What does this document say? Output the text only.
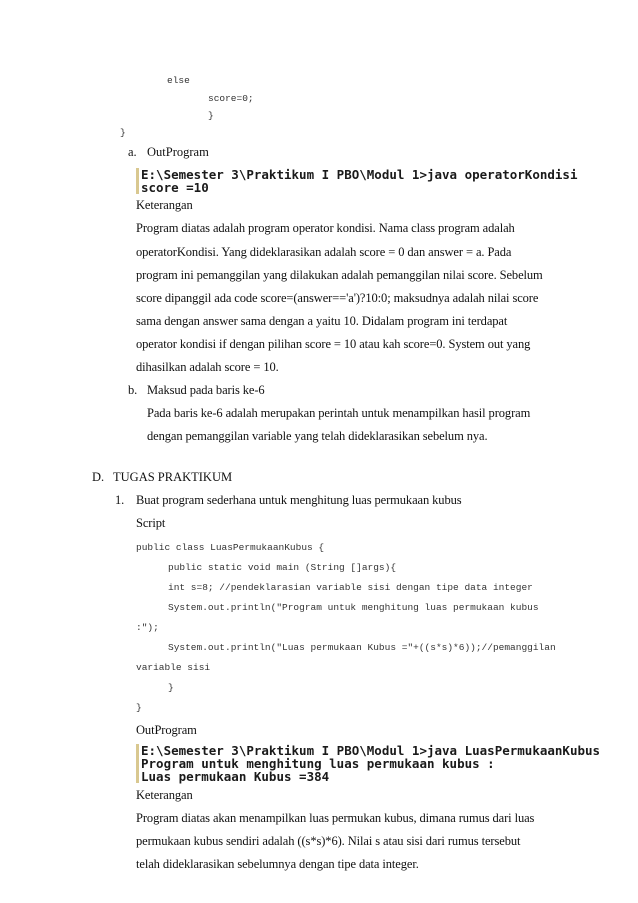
else
score=0;
}
}
a. OutProgram
E:\Semester 3\Praktikum I PBO\Modul 1>java operatorKondisi
score =10
Keterangan
Program diatas adalah program operator kondisi. Nama class program adalah
operatorKondisi. Yang dideklarasikan adalah score = 0 dan answer = a. Pada
program ini pemanggilan yang dilakukan adalah pemanggilan nilai score. Sebelum
score dipanggil ada code score=(answer=='a')?10:0; maksudnya adalah nilai score
sama dengan answer sama dengan a yaitu 10. Didalam program ini terdapat
operator kondisi if dengan pilihan score = 10 atau kah score=0. System out yang
dihasilkan adalah score = 10.
b. Maksud pada baris ke-6
Pada baris ke-6 adalah merupakan perintah untuk menampilkan hasil program
dengan pemanggilan variable yang telah dideklarasikan sebelum nya.
D. TUGAS PRAKTIKUM
1. Buat program sederhana untuk menghitung luas permukaan kubus
Script
public class LuasPermukaanKubus {
public static void main (String []args){
int s=8; //pendeklarasian variable sisi dengan tipe data integer
System.out.println("Program untuk menghitung luas permukaan kubus
:");
System.out.println("Luas permukaan Kubus ="+((s*s)*6));//pemanggilan
variable sisi
}
}
OutProgram
E:\Semester 3\Praktikum I PBO\Modul 1>java LuasPermukaanKubus
Program untuk menghitung luas permukaan kubus :
Luas permukaan Kubus =384
Keterangan
Program diatas akan menampilkan luas permukan kubus, dimana rumus dari luas
permukaan kubus sendiri adalah ((s*s)*6). Nilai s atau sisi dari rumus tersebut
telah dideklarasikan sebelumnya dengan tipe data integer.
